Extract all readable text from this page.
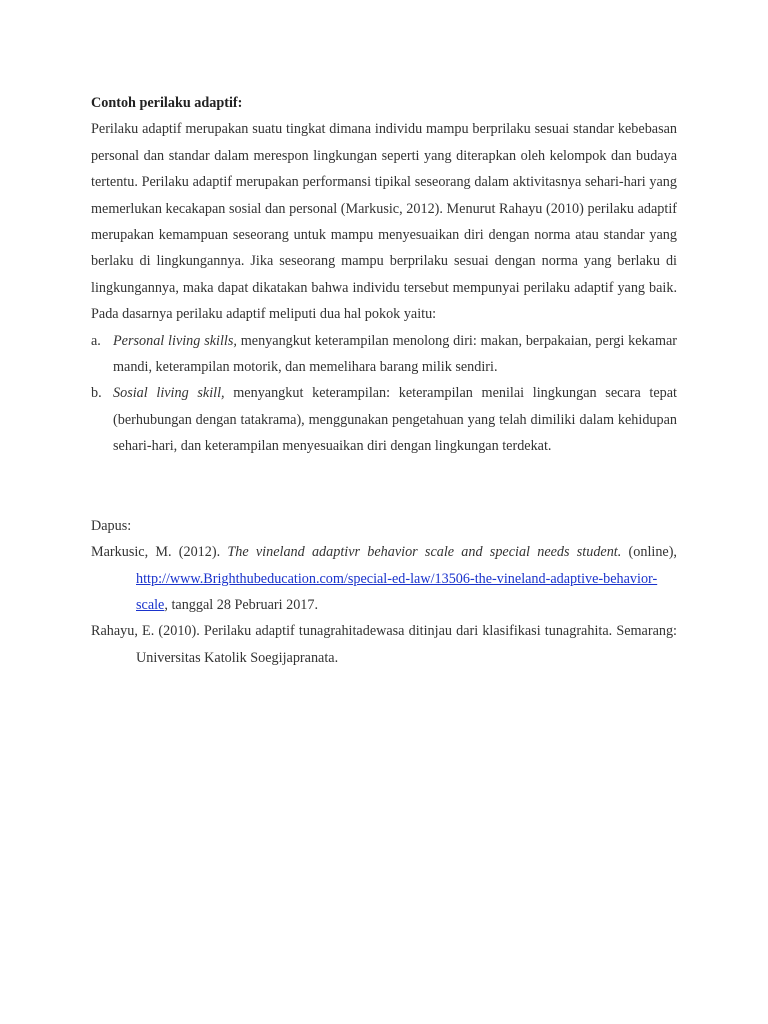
Contoh perilaku adaptif:

Perilaku adaptif merupakan suatu tingkat dimana individu mampu berprilaku sesuai standar kebebasan personal dan standar dalam merespon lingkungan seperti yang diterapkan oleh kelompok dan budaya tertentu. Perilaku adaptif merupakan performansi tipikal seseorang dalam aktivitasnya sehari-hari yang memerlukan kecakapan sosial dan personal (Markusic, 2012). Menurut Rahayu (2010) perilaku adaptif merupakan kemampuan seseorang untuk mampu menyesuaikan diri dengan norma atau standar yang berlaku di lingkungannya. Jika seseorang mampu berprilaku sesuai dengan norma yang berlaku di lingkungannya, maka dapat dikatakan bahwa individu tersebut mempunyai perilaku adaptif yang baik. Pada dasarnya perilaku adaptif meliputi dua hal pokok yaitu:

a. Personal living skills, menyangkut keterampilan menolong diri: makan, berpakaian, pergi kekamar mandi, keterampilan motorik, dan memelihara barang milik sendiri.
b. Sosial living skill, menyangkut keterampilan: keterampilan menilai lingkungan secara tepat (berhubungan dengan tatakrama), menggunakan pengetahuan yang telah dimiliki dalam kehidupan sehari-hari, dan keterampilan menyesuaikan diri dengan lingkungan terdekat.

Dapus:

Markusic, M. (2012). The vineland adaptivr behavior scale and special needs student. (online), http://www.Brighthubeducation.com/special-ed-law/13506-the-vineland-adaptive-behavior-scale, tanggal 28 Pebruari 2017.

Rahayu, E. (2010). Perilaku adaptif tunagrahitadewasa ditinjau dari klasifikasi tunagrahita. Semarang: Universitas Katolik Soegijapranata.
